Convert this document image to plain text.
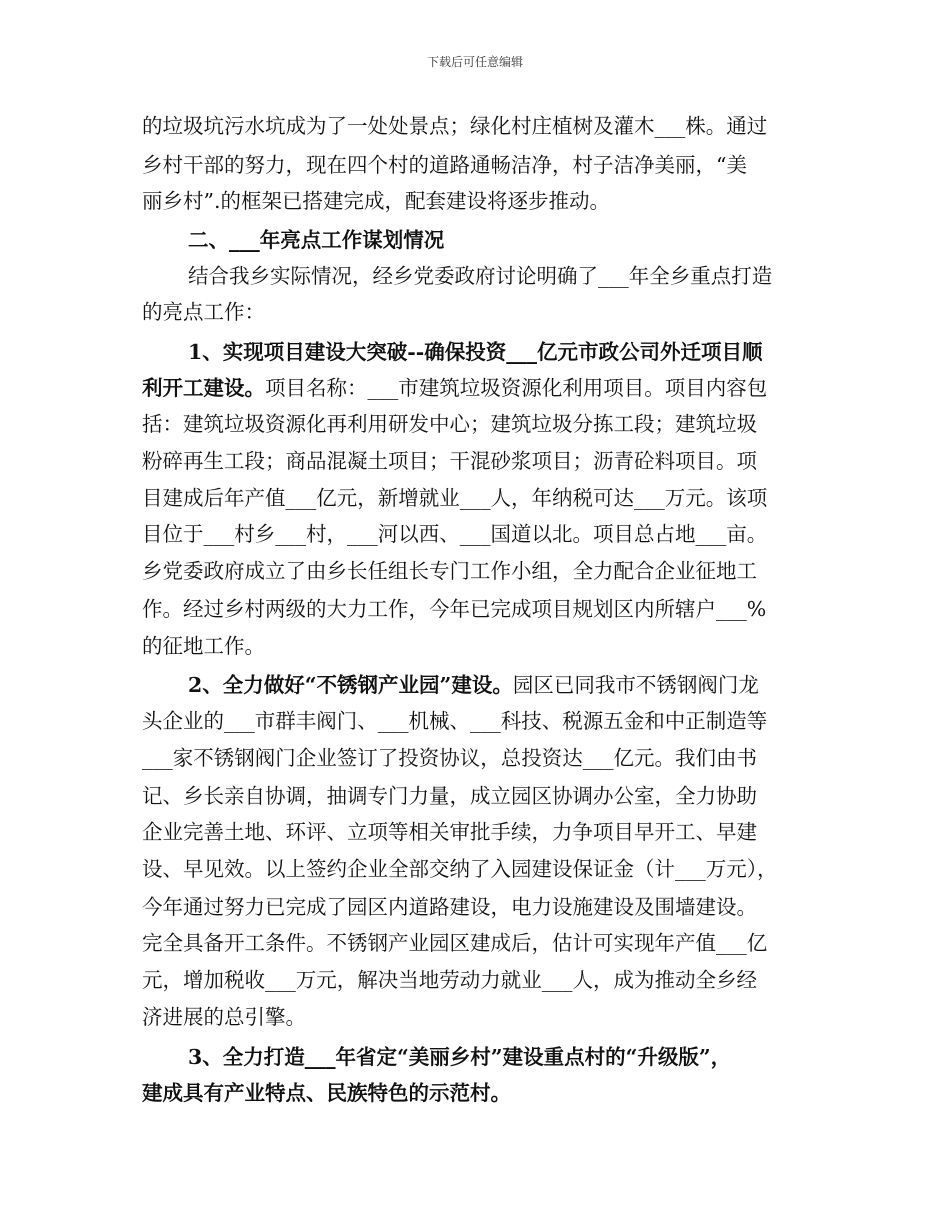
下载后可任意编辑
的垃圾坑污水坑成为了一处处景点；绿化村庄植树及灌木___株。通过
乡村干部的努力，现在四个村的道路通畅洁净，村子洁净美丽，“美
丽乡村”.的框架已搭建完成，配套建设将逐步推动。
二、___年亮点工作谋划情况
结合我乡实际情况，经乡党委政府讨论明确了___年全乡重点打造
的亮点工作：
1、实现项目建设大突破--确保投资___亿元市政公司外迁项目顺
利开工建设。项目名称：___市建筑垃圾资源化利用项目。项目内容包
括：建筑垃圾资源化再利用研发中心；建筑垃圾分拣工段；建筑垃圾
粉碎再生工段；商品混凝土项目；干混砂浆项目；沥青砼料项目。项
目建成后年产值___亿元，新增就业___人，年纳税可达___万元。该项
目位于___村乡___村，___河以西、___国道以北。项目总占地___亩。
乡党委政府成立了由乡长任组长专门工作小组，全力配合企业征地工
作。经过乡村两级的大力工作，今年已完成项目规划区内所辖户___%
的征地工作。
2、全力做好“不锈钢产业园”建设。园区已同我市不锈钢阀门龙
头企业的___市群丰阀门、___机械、___科技、税源五金和中正制造等
___家不锈钢阀门企业签订了投资协议，总投资达___亿元。我们由书
记、乡长亲自协调，抽调专门力量，成立园区协调办公室，全力协助
企业完善土地、环评、立项等相关审批手续，力争项目早开工、早建
设、早见效。以上签约企业全部交纳了入园建设保证金（计___万元），
今年通过努力已完成了园区内道路建设，电力设施建设及围墙建设。
完全具备开工条件。不锈钢产业园区建成后，估计可实现年产值___亿
元，增加税收___万元，解决当地劳动力就业___人，成为推动全乡经
济进展的总引擎。
3、全力打造___年省定“美丽乡村”建设重点村的“升级版”，
建成具有产业特点、民族特色的示范村。
